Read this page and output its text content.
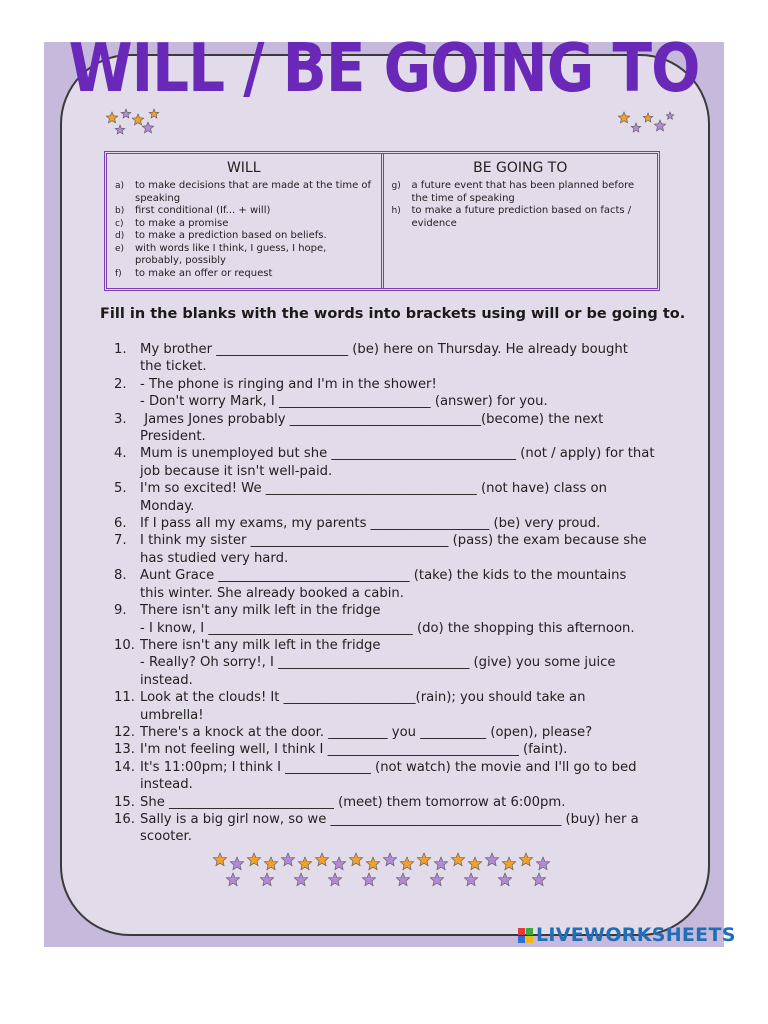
WILL / BE GOING TO
WILL
a)	to make decisions that are made at the time of speaking
b)	first conditional (If... + will)
c)	to make a promise
d)	to make a prediction based on beliefs.
e)	with words like I think, I guess, I hope, probably, possibly
f)	to make an offer or request
BE GOING TO
g)	a future event that has been planned before the time of speaking
h)	to make a future prediction based on facts / evidence
Fill in the blanks with the words into brackets using will or be going to.
1.	My brother ____________________ (be) here on Thursday. He already bought
the ticket.
2.	- The phone is ringing and I'm in the shower!
- Don't worry Mark, I _______________________ (answer) for you.
3.	James Jones probably _____________________________(become) the next
President.
4.	Mum is unemployed but she ____________________________ (not / apply) for that
job because it isn't well-paid.
5.	I'm so excited! We ________________________________ (not have) class on
Monday.
6.	If I pass all my exams, my parents __________________ (be) very proud.
7.	I think my sister ______________________________ (pass) the exam because she
has studied very hard.
8.	Aunt Grace _____________________________ (take) the kids to the mountains
this winter. She already booked a cabin.
9.	There isn't any milk left in the fridge
- I know, I _______________________________ (do) the shopping this afternoon.
10. There isn't any milk left in the fridge
- Really? Oh sorry!, I _____________________________ (give) you some juice
instead.
11. Look at the clouds! It ____________________(rain); you should take an
umbrella!
12. There's a knock at the door. _________ you __________ (open), please?
13. I'm not feeling well, I think I _____________________________ (faint).
14. It's 11:00pm; I think I _____________ (not watch) the movie and I'll go to bed
instead.
15. She _________________________ (meet) them tomorrow at 6:00pm.
16. Sally is a big girl now, so we ___________________________________ (buy) her a
scooter.
LIVEWORKSHEETS
